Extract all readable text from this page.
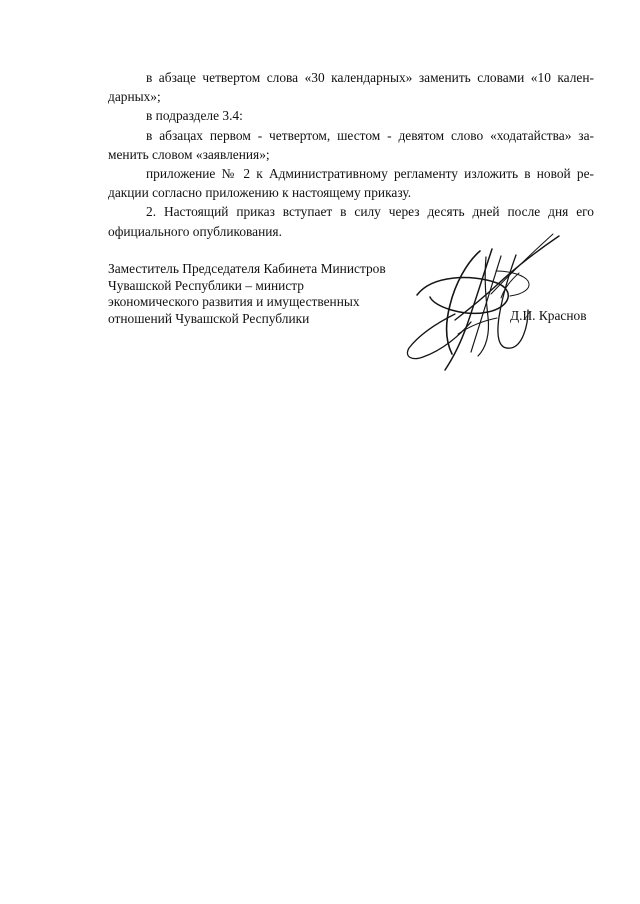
в абзаце четвертом слова «30 календарных» заменить словами «10 кален-
дарных»;
в подразделе 3.4:
в абзацах первом - четвертом, шестом - девятом слово «ходатайства» за-
менить словом «заявления»;
приложение № 2 к Административному регламенту изложить в новой ре-
дакции согласно приложению к настоящему приказу.
2. Настоящий приказ вступает в силу через десять дней после дня его
официального опубликования.
Заместитель Председателя Кабинета Министров
Чувашской Республики – министр
экономического развития и имущественных
отношений Чувашской Республики	Д.И. Краснов
